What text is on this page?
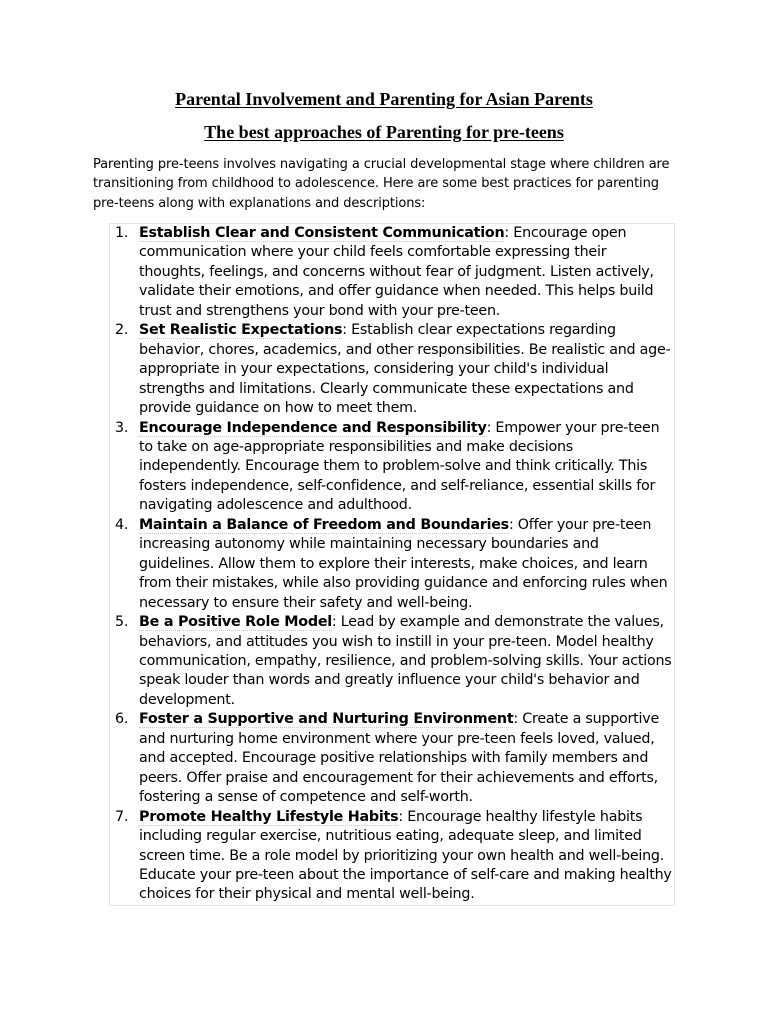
Parental Involvement and Parenting for Asian Parents
The best approaches of Parenting for pre-teens

Parenting pre-teens involves navigating a crucial developmental stage where children are transitioning from childhood to adolescence. Here are some best practices for parenting pre-teens along with explanations and descriptions:

1. Establish Clear and Consistent Communication: Encourage open communication where your child feels comfortable expressing their thoughts, feelings, and concerns without fear of judgment. Listen actively, validate their emotions, and offer guidance when needed. This helps build trust and strengthens your bond with your pre-teen.
2. Set Realistic Expectations: Establish clear expectations regarding behavior, chores, academics, and other responsibilities. Be realistic and age-appropriate in your expectations, considering your child's individual strengths and limitations. Clearly communicate these expectations and provide guidance on how to meet them.
3. Encourage Independence and Responsibility: Empower your pre-teen to take on age-appropriate responsibilities and make decisions independently. Encourage them to problem-solve and think critically. This fosters independence, self-confidence, and self-reliance, essential skills for navigating adolescence and adulthood.
4. Maintain a Balance of Freedom and Boundaries: Offer your pre-teen increasing autonomy while maintaining necessary boundaries and guidelines. Allow them to explore their interests, make choices, and learn from their mistakes, while also providing guidance and enforcing rules when necessary to ensure their safety and well-being.
5. Be a Positive Role Model: Lead by example and demonstrate the values, behaviors, and attitudes you wish to instill in your pre-teen. Model healthy communication, empathy, resilience, and problem-solving skills. Your actions speak louder than words and greatly influence your child's behavior and development.
6. Foster a Supportive and Nurturing Environment: Create a supportive and nurturing home environment where your pre-teen feels loved, valued, and accepted. Encourage positive relationships with family members and peers. Offer praise and encouragement for their achievements and efforts, fostering a sense of competence and self-worth.
7. Promote Healthy Lifestyle Habits: Encourage healthy lifestyle habits including regular exercise, nutritious eating, adequate sleep, and limited screen time. Be a role model by prioritizing your own health and well-being. Educate your pre-teen about the importance of self-care and making healthy choices for their physical and mental well-being.
